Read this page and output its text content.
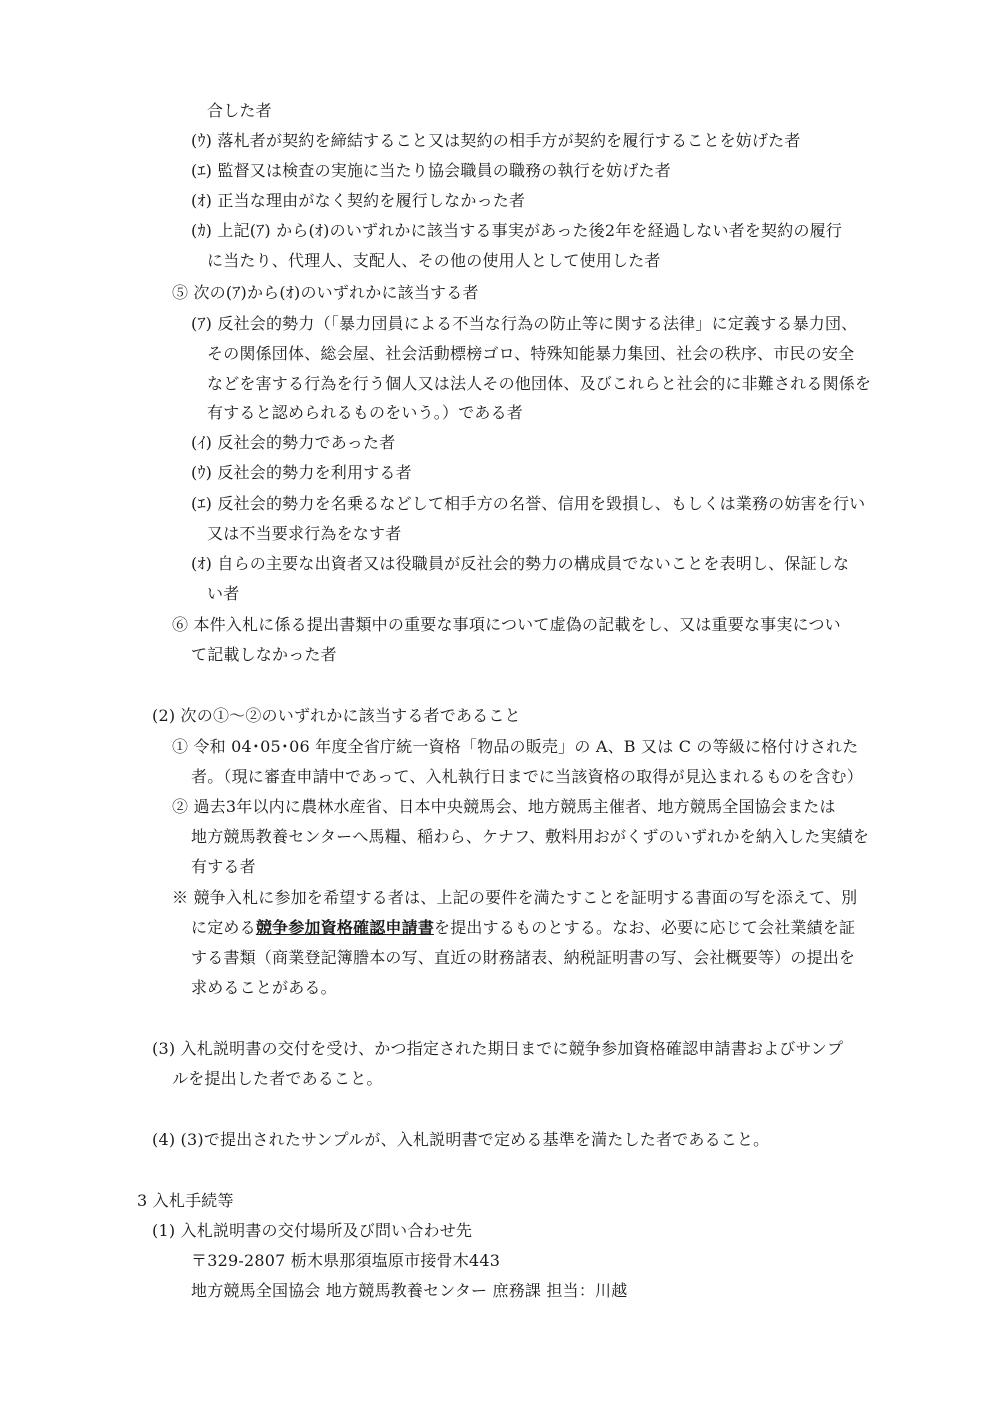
合した者
(ｳ) 落札者が契約を締結すること又は契約の相手方が契約を履行することを妨げた者
(ｴ) 監督又は検査の実施に当たり協会職員の職務の執行を妨げた者
(ｵ) 正当な理由がなく契約を履行しなかった者
(ｶ) 上記(ｱ) から(ｵ)のいずれかに該当する事実があった後2年を経過しない者を契約の履行
に当たり、代理人、支配人、その他の使用人として使用した者
⑤ 次の(ｱ)から(ｵ)のいずれかに該当する者
(ｱ) 反社会的勢力（「暴力団員による不当な行為の防止等に関する法律」に定義する暴力団、
その関係団体、総会屋、社会活動標榜ゴロ、特殊知能暴力集団、社会の秩序、市民の安全
などを害する行為を行う個人又は法人その他団体、及びこれらと社会的に非難される関係を
有すると認められるものをいう。）である者
(ｲ) 反社会的勢力であった者
(ｳ) 反社会的勢力を利用する者
(ｴ) 反社会的勢力を名乗るなどして相手方の名誉、信用を毀損し、もしくは業務の妨害を行い
又は不当要求行為をなす者
(ｵ) 自らの主要な出資者又は役職員が反社会的勢力の構成員でないことを表明し、保証しな
い者
⑥ 本件入札に係る提出書類中の重要な事項について虚偽の記載をし、又は重要な事実につい
て記載しなかった者
(2) 次の①～②のいずれかに該当する者であること
① 令和 04･05･06 年度全省庁統一資格「物品の販売」の A、B 又は C の等級に格付けされた
者。（現に審査申請中であって、入札執行日までに当該資格の取得が見込まれるものを含む）
② 過去3年以内に農林水産省、日本中央競馬会、地方競馬主催者、地方競馬全国協会または
地方競馬教養センターへ馬糧、稲わら、ケナフ、敷料用おがくずのいずれかを納入した実績を
有する者
※ 競争入札に参加を希望する者は、上記の要件を満たすことを証明する書面の写を添えて、別
に定める競争参加資格確認申請書を提出するものとする。なお、必要に応じて会社業績を証
する書類（商業登記簿謄本の写、直近の財務諸表、納税証明書の写、会社概要等）の提出を
求めることがある。
(3) 入札説明書の交付を受け、かつ指定された期日までに競争参加資格確認申請書およびサンプ
ルを提出した者であること。
(4) (3)で提出されたサンプルが、入札説明書で定める基準を満たした者であること。
3 入札手続等
(1) 入札説明書の交付場所及び問い合わせ先
〒329-2807 栃木県那須塩原市接骨木443
地方競馬全国協会 地方競馬教養センター 庶務課 担当：川越
